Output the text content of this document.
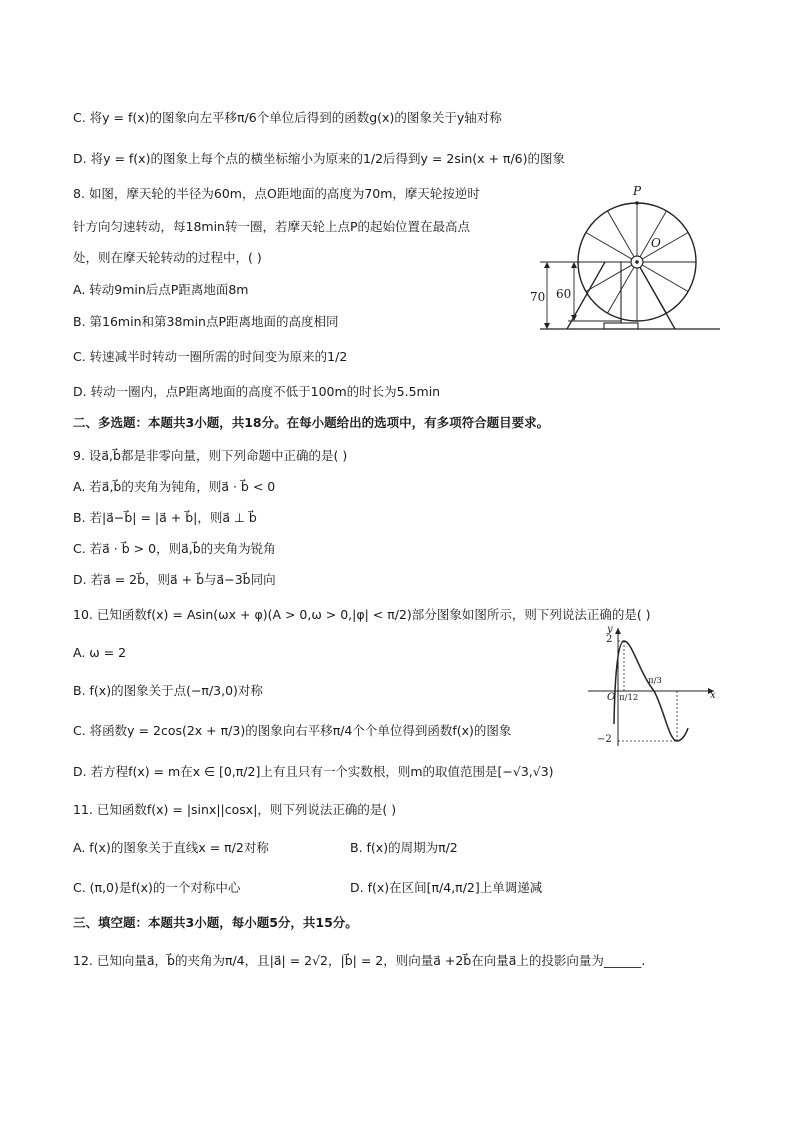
C. 将y = f(x)的图象向左平移π/6个单位后得到的函数g(x)的图象关于y轴对称
D. 将y = f(x)的图象上每个点的横坐标缩小为原来的1/2后得到y = 2sin(x + π/6)的图象
8. 如图，摩天轮的半径为60m，点O距地面的高度为70m，摩天轮按逆时
针方向匀速转动，每18min转一圈，若摩天轮上点P的起始位置在最高点
处，则在摩天轮转动的过程中，( )
A. 转动9min后点P距离地面8m
B. 第16min和第38min点P距离地面的高度相同
C. 转速减半时转动一圈所需的时间变为原来的1/2
D. 转动一圈内，点P距离地面的高度不低于100m的时长为5.5min
二、多选题：本题共3小题，共18分。在每小题给出的选项中，有多项符合题目要求。
9. 设a⃗,b⃗都是非零向量，则下列命题中正确的是( )
A. 若a⃗,b⃗的夹角为钝角，则a⃗ · b⃗ < 0
B. 若|a⃗−b⃗| = |a⃗ + b⃗|，则a⃗ ⊥ b⃗
C. 若a⃗ · b⃗ > 0，则a⃗,b⃗的夹角为锐角
D. 若a⃗ = 2b⃗，则a⃗ + b⃗与a⃗−3b⃗同向
10. 已知函数f(x) = Asin(ωx + φ)(A > 0,ω > 0,|φ| < π/2)部分图象如图所示，则下列说法正确的是( )
A. ω = 2
B. f(x)的图象关于点(−π/3,0)对称
C. 将函数y = 2cos(2x + π/3)的图象向右平移π/4个个单位得到函数f(x)的图象
D. 若方程f(x) = m在x ∈ [0,π/2]上有且只有一个实数根，则m的取值范围是[−√3,√3)
11. 已知函数f(x) = |sinx||cosx|，则下列说法正确的是( )
A. f(x)的图象关于直线x = π/2对称	B. f(x)的周期为π/2
C. (π,0)是f(x)的一个对称中心	D. f(x)在区间[π/4,π/2]上单调递减
三、填空题：本题共3小题，每小题5分，共15分。
12. 已知向量a⃗，b⃗的夹角为π/4，且|a⃗| = 2√2，|b⃗| = 2，则向量a⃗ +2b⃗在向量a⃗上的投影向量为______.
P
O
70 60
y
x
O
2
−2
π/12
π/3
